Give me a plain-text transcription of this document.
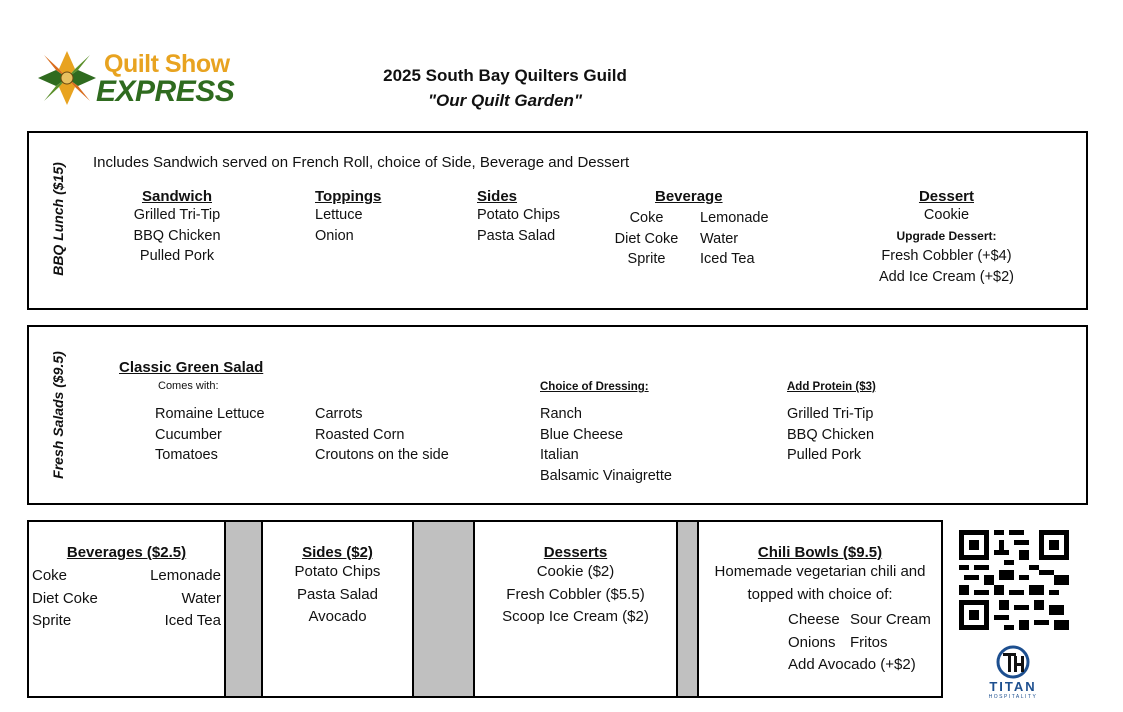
Quilt Show
EXPRESS	2025 South Bay Quilters Guild
"Our Quilt Garden"
BBQ Lunch ($15) Includes Sandwich served on French Roll, choice of Side, Beverage and Dessert
Sandwich
Grilled Tri-Tip
BBQ Chicken
Pulled Pork
Toppings
Lettuce
Onion
Sides
Potato Chips
Pasta Salad
Beverage
Coke
Diet Coke
Sprite
Lemonade
Water
Iced Tea
Dessert
Cookie
Upgrade Dessert:
Fresh Cobbler (+$4)
Add Ice Cream (+$2)
Fresh Salads ($9.5)	Classic Green Salad
Comes with:
Romaine Lettuce
Cucumber
Tomatoes
Carrots
Roasted Corn
Croutons on the side
Choice of Dressing:
Ranch
Blue Cheese
Italian
Balsamic Vinaigrette
Add Protein ($3)
Grilled Tri-Tip
BBQ Chicken
Pulled Pork
Beverages ($2.5)
Coke
Diet Coke
Sprite
Lemonade
Water
Iced Tea
Sides ($2)
Potato Chips
Pasta Salad
Avocado
Desserts
Cookie ($2)
Fresh Cobbler ($5.5)
Scoop Ice Cream ($2)
Chili Bowls ($9.5)
Homemade vegetarian chili and
topped with choice of:
Cheese
Onions
Sour Cream
Fritos
Add Avocado (+$2)
TITAN
HOSPITALITY
